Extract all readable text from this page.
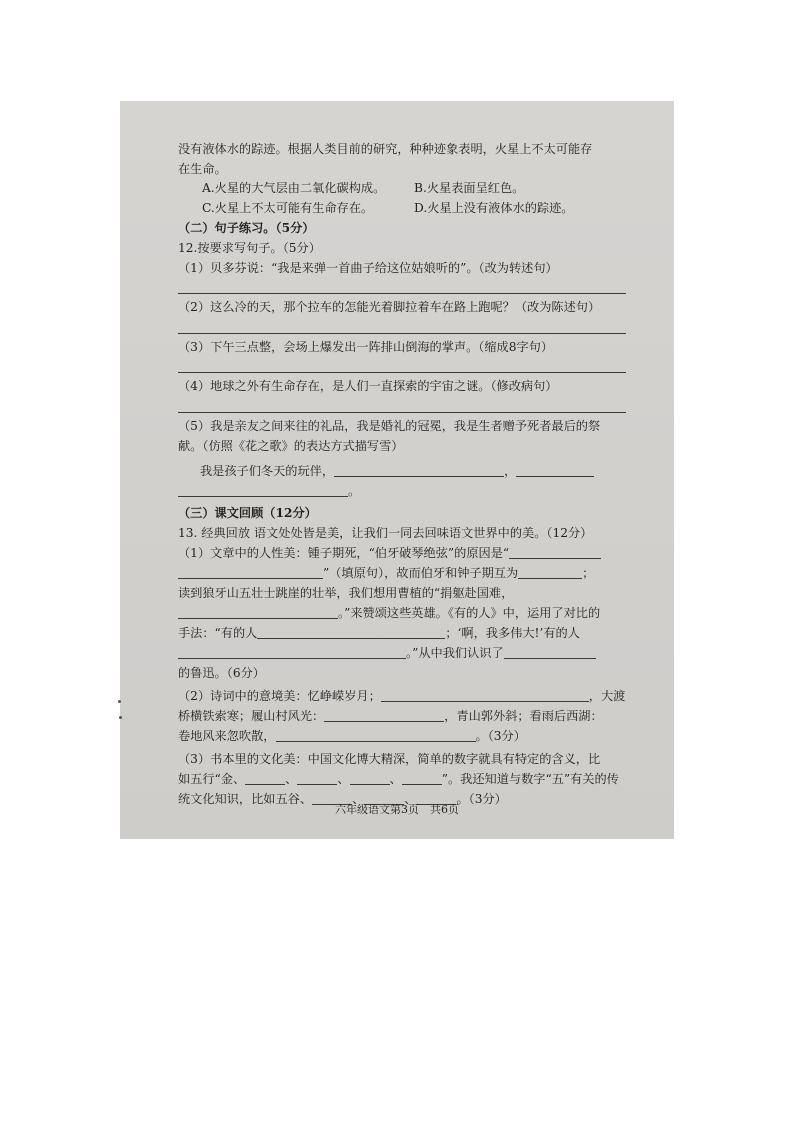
没有液体水的踪迹。根据人类目前的研究，种种迹象表明，火星上不太可能存
在生命。
A.火星的大气层由二氧化碳构成。 B.火星表面呈红色。
C.火星上不太可能有生命存在。	D.火星上没有液体水的踪迹。
（二）句子练习。（5分）
12.按要求写句子。（5分）
（1）贝多芬说：“我是来弹一首曲子给这位姑娘听的”。（改为转述句）
（2）这么冷的天，那个拉车的怎能光着脚拉着车在路上跑呢？（改为陈述句）
（3）下午三点整，会场上爆发出一阵排山倒海的掌声。（缩成8字句）
（4）地球之外有生命存在，是人们一直探索的宇宙之谜。（修改病句）
（5）我是亲友之间来往的礼品，我是婚礼的冠冕，我是生者赠予死者最后的祭
献。（仿照《花之歌》的表达方式描写雪）
我是孩子们冬天的玩伴，	，
。
（三）课文回顾（12分）
13. 经典回放 语文处处皆是美，让我们一同去回味语文世界中的美。（12分）
（1）文章中的人性美：锺子期死，“伯牙破琴绝弦”的原因是“
”（填原句），故而伯牙和钟子期互为	；
读到狼牙山五壮士跳崖的壮举，我们想用曹植的“捐躯赴国难，
。”来赞颂这些英雄。《有的人》中，运用了对比的
手法：“有的人	；‘啊，我多伟大!’有的人
。”从中我们认识了
的鲁迅。（6分）
（2）诗词中的意境美：忆峥嵘岁月；	，大渡
桥横铁索寒；履山村风光：	，青山郭外斜；看雨后西湖：
卷地风来忽吹散，	。（3分）
（3）书本里的文化美：中国文化博大精深，简单的数字就具有特定的含义，比
如五行“金、	、	、	、	”。我还知道与数字“五”有关的传
统文化知识，比如五谷、	、	、	。（3分）
六年级语文第3页　共6页
